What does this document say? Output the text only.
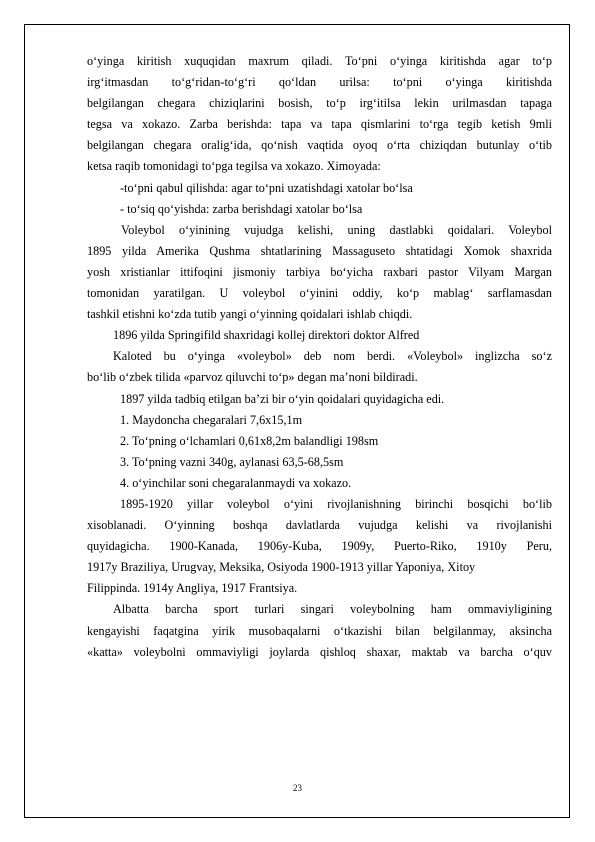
o‘yinga kiritish xuquqidan maxrum qiladi. To‘pni o‘yinga kiritishda agar to‘p

irg‘itmasdan to‘g‘ridan-to‘g‘ri qo‘ldan urilsa: to‘pni o‘yinga kiritishda

belgilangan chegara chiziqlarini bosish, to‘p irg‘itilsa lekin urilmasdan tapaga

tegsa va xokazo. Zarba berishda: tapa va tapa qismlarini to‘rga tegib ketish 9mli

belgilangan chegara oralig‘ida, qo‘nish vaqtida oyoq o‘rta chiziqdan butunlay o‘tib

ketsa raqib tomonidagi to‘pga tegilsa va xokazo. Ximoyada:

-to‘pni qabul qilishda: agar to‘pni uzatishdagi xatolar bo‘lsa

- to‘siq qo‘yishda: zarba berishdagi xatolar bo‘lsa

Voleybol o‘yinining vujudga kelishi, uning dastlabki qoidalari. Voleybol

1895 yilda Amerika Qushma shtatlarining Massaguseto shtatidagi Xomok shaxrida

yosh xristianlar ittifoqini jismoniy tarbiya bo‘yicha raxbari pastor Vilyam Margan

tomonidan yaratilgan. U voleybol o‘yinini oddiy, ko‘p mablag‘ sarflamasdan

tashkil etishni ko‘zda tutib yangi o‘yinning qoidalari ishlab chiqdi.

1896 yilda Springifild shaxridagi kollej direktori doktor Alfred

Kaloted bu o‘yinga «voleybol» deb nom berdi. «Voleybol» inglizcha so‘z

bo‘lib o‘zbek tilida «parvoz qiluvchi to‘p» degan ma’noni bildiradi.

1897 yilda tadbiq etilgan ba’zi bir o‘yin qoidalari quyidagicha edi.

1. Maydoncha chegaralari 7,6x15,1m

2. To‘pning o‘lchamlari 0,61x8,2m balandligi 198sm

3. To‘pning vazni 340g, aylanasi 63,5-68,5sm

4. o‘yinchilar soni chegaralanmaydi va xokazo.

1895-1920 yillar voleybol o‘yini rivojlanishning birinchi bosqichi bo‘lib

xisoblanadi. O‘yinning boshqa davlatlarda vujudga kelishi va rivojlanishi

quyidagicha. 1900-Kanada, 1906y-Kuba, 1909y, Puerto-Riko, 1910y Peru,

1917y Braziliya, Urugvay, Meksika, Osiyoda 1900-1913 yillar Yaponiya, Xitoy

Filippinda. 1914y Angliya, 1917 Frantsiya.

Albatta barcha sport turlari singari voleybolning ham ommaviyligining

kengayishi faqatgina yirik musobaqalarni o‘tkazishi bilan belgilanmay, aksincha

«katta» voleybolni ommaviyligi joylarda qishloq shaxar, maktab va barcha o‘quv

23
